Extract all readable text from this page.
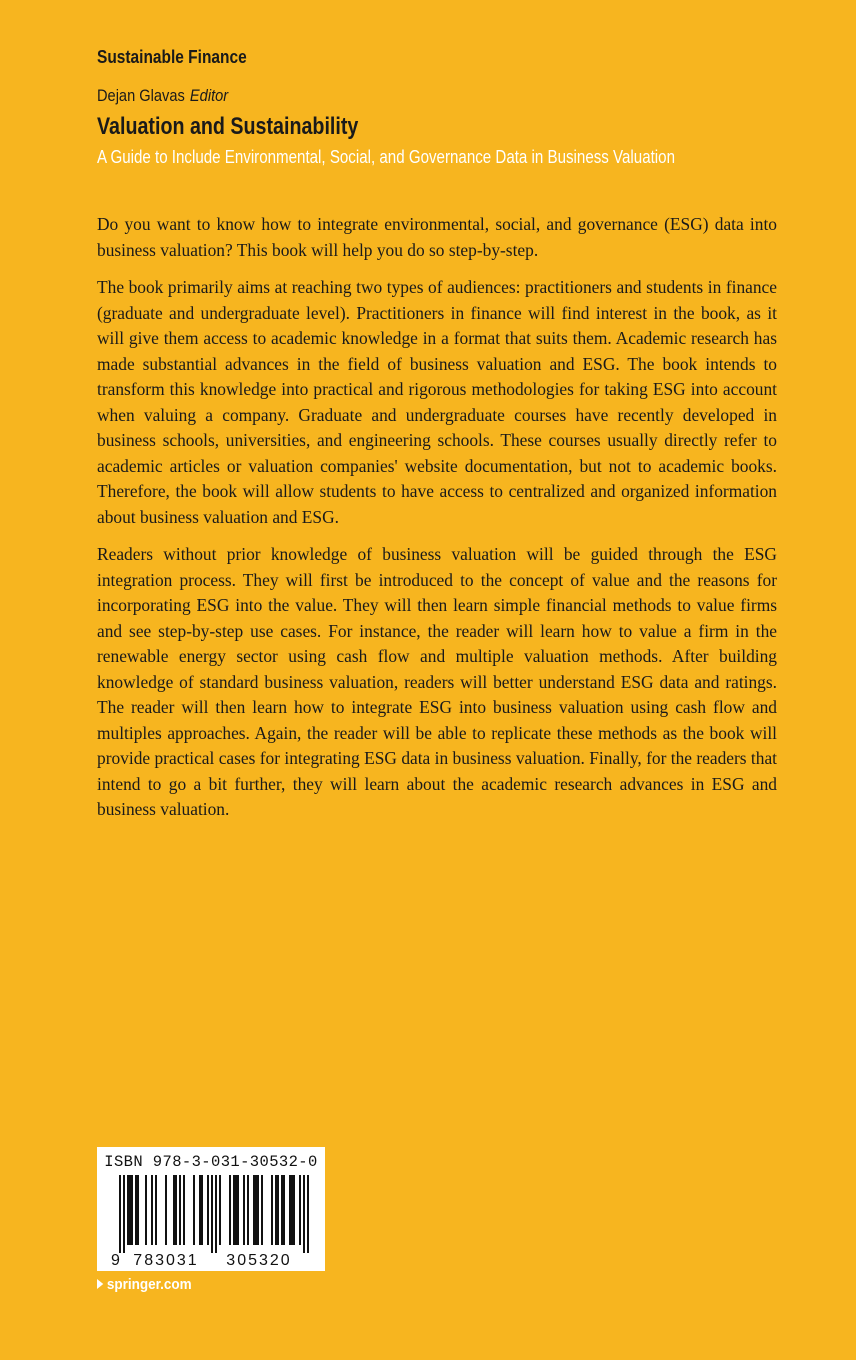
Sustainable Finance
Dejan Glavas Editor
Valuation and Sustainability
A Guide to Include Environmental, Social, and Governance Data in Business Valuation

Do you want to know how to integrate environmental, social, and governance (ESG) data into business valuation? This book will help you do so step-by-step.

The book primarily aims at reaching two types of audiences: practitioners and students in finance (graduate and undergraduate level). Practitioners in finance will find interest in the book, as it will give them access to academic knowledge in a format that suits them. Academic research has made substantial advances in the field of business valuation and ESG. The book intends to transform this knowledge into practical and rigorous methodologies for taking ESG into account when valuing a company. Graduate and undergraduate courses have recently developed in business schools, universities, and engineering schools. These courses usually directly refer to academic articles or valuation companies' website documentation, but not to academic books. Therefore, the book will allow students to have access to centralized and organized information about business valuation and ESG.

Readers without prior knowledge of business valuation will be guided through the ESG integration process. They will first be introduced to the concept of value and the reasons for incorporating ESG into the value. They will then learn simple financial methods to value firms and see step-by-step use cases. For instance, the reader will learn how to value a firm in the renewable energy sector using cash flow and multiple valuation methods. After building knowledge of standard business valuation, readers will better understand ESG data and ratings. The reader will then learn how to integrate ESG into business valuation using cash flow and multiples approaches. Again, the reader will be able to replicate these methods as the book will provide practical cases for integrating ESG data in business valuation. Finally, for the readers that intend to go a bit further, they will learn about the academic research advances in ESG and business valuation.

ISBN 978-3-031-30532-0
9 783031 305320
springer.com
